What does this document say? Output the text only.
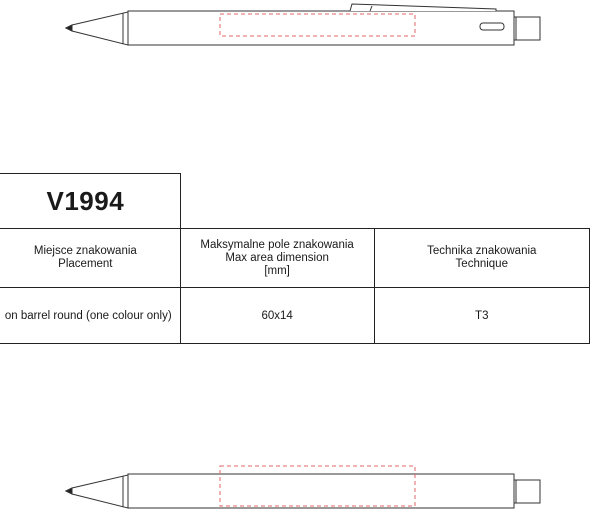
V1994		

Miejsce znakowania
Placement	Maksymalne pole znakowania
Max area dimension
[mm]	Technika znakowania
Technique

on barrel round (one colour only)	60x14	T3
